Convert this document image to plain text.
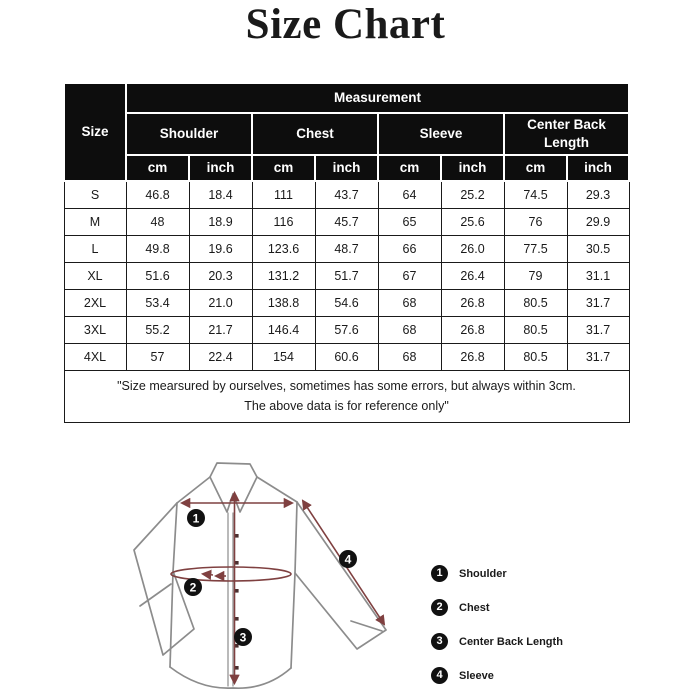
Size Chart
Size	Measurement							
	Shoulder		Chest		Sleeve		Center Back Length	
	cm	inch	cm	inch	cm	inch	cm	inch
S	46.8	18.4	111	43.7	64	25.2	74.5	29.3
M	48	18.9	116	45.7	65	25.6	76	29.9
L	49.8	19.6	123.6	48.7	66	26.0	77.5	30.5
XL	51.6	20.3	131.2	51.7	67	26.4	79	31.1
2XL	53.4	21.0	138.8	54.6	68	26.8	80.5	31.7
3XL	55.2	21.7	146.4	57.6	68	26.8	80.5	31.7
4XL	57	22.4	154	60.6	68	26.8	80.5	31.7

"Size mearsured by ourselves, sometimes has some errors, but always within 3cm.
The above data is for reference only"								
1
2
3
4
1	Shoulder
2	Chest
3	Center Back Length
4	Sleeve
